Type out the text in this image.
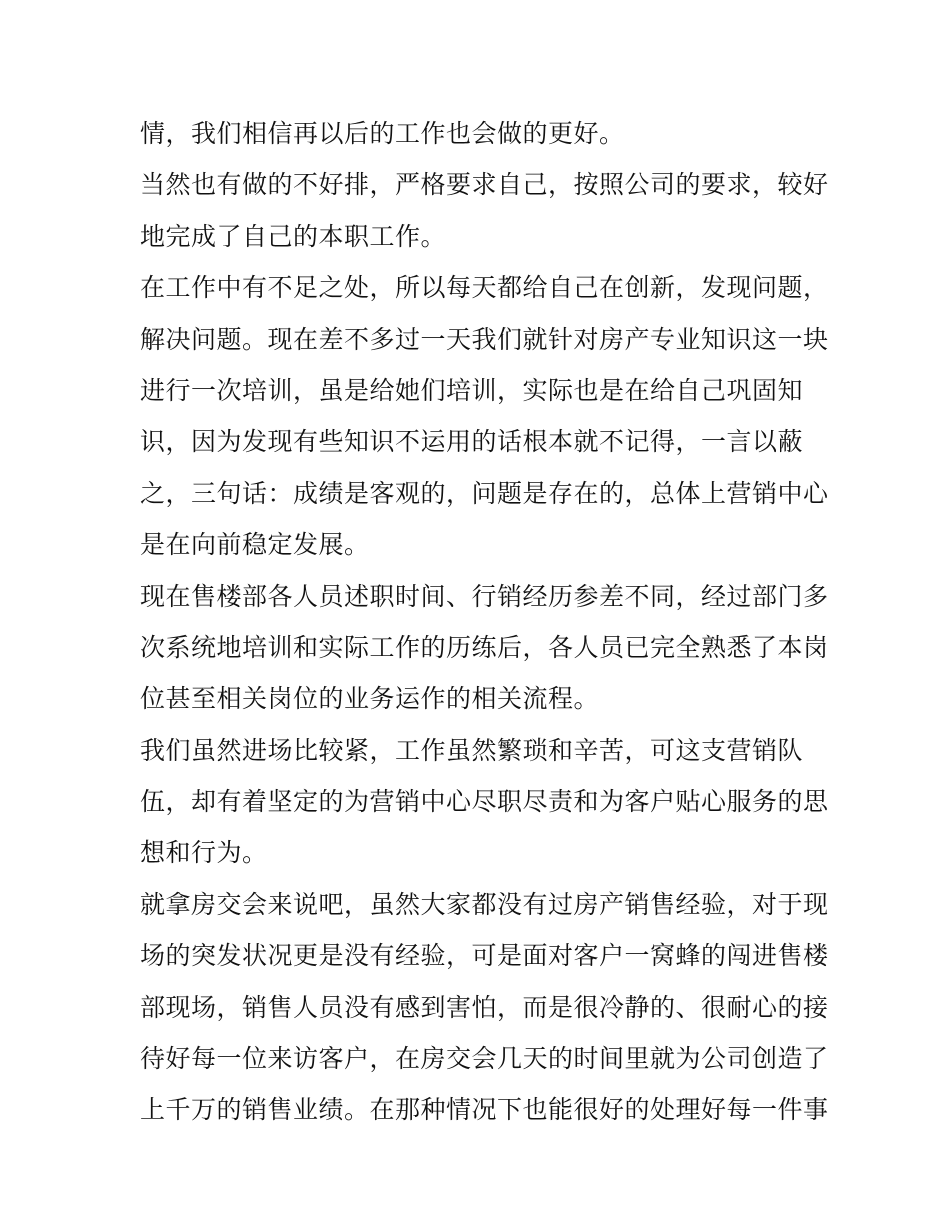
情，我们相信再以后的工作也会做的更好。
当然也有做的不好排，严格要求自己，按照公司的要求，较好
地完成了自己的本职工作。
在工作中有不足之处，所以每天都给自己在创新，发现问题，
解决问题。现在差不多过一天我们就针对房产专业知识这一块
进行一次培训，虽是给她们培训，实际也是在给自己巩固知
识，因为发现有些知识不运用的话根本就不记得，一言以蔽
之，三句话：成绩是客观的，问题是存在的，总体上营销中心
是在向前稳定发展。
现在售楼部各人员述职时间、行销经历参差不同，经过部门多
次系统地培训和实际工作的历练后，各人员已完全熟悉了本岗
位甚至相关岗位的业务运作的相关流程。
我们虽然进场比较紧，工作虽然繁琐和辛苦，可这支营销队
伍，却有着坚定的为营销中心尽职尽责和为客户贴心服务的思
想和行为。
就拿房交会来说吧，虽然大家都没有过房产销售经验，对于现
场的突发状况更是没有经验，可是面对客户一窝蜂的闯进售楼
部现场，销售人员没有感到害怕，而是很冷静的、很耐心的接
待好每一位来访客户，在房交会几天的时间里就为公司创造了
上千万的销售业绩。在那种情况下也能很好的处理好每一件事
